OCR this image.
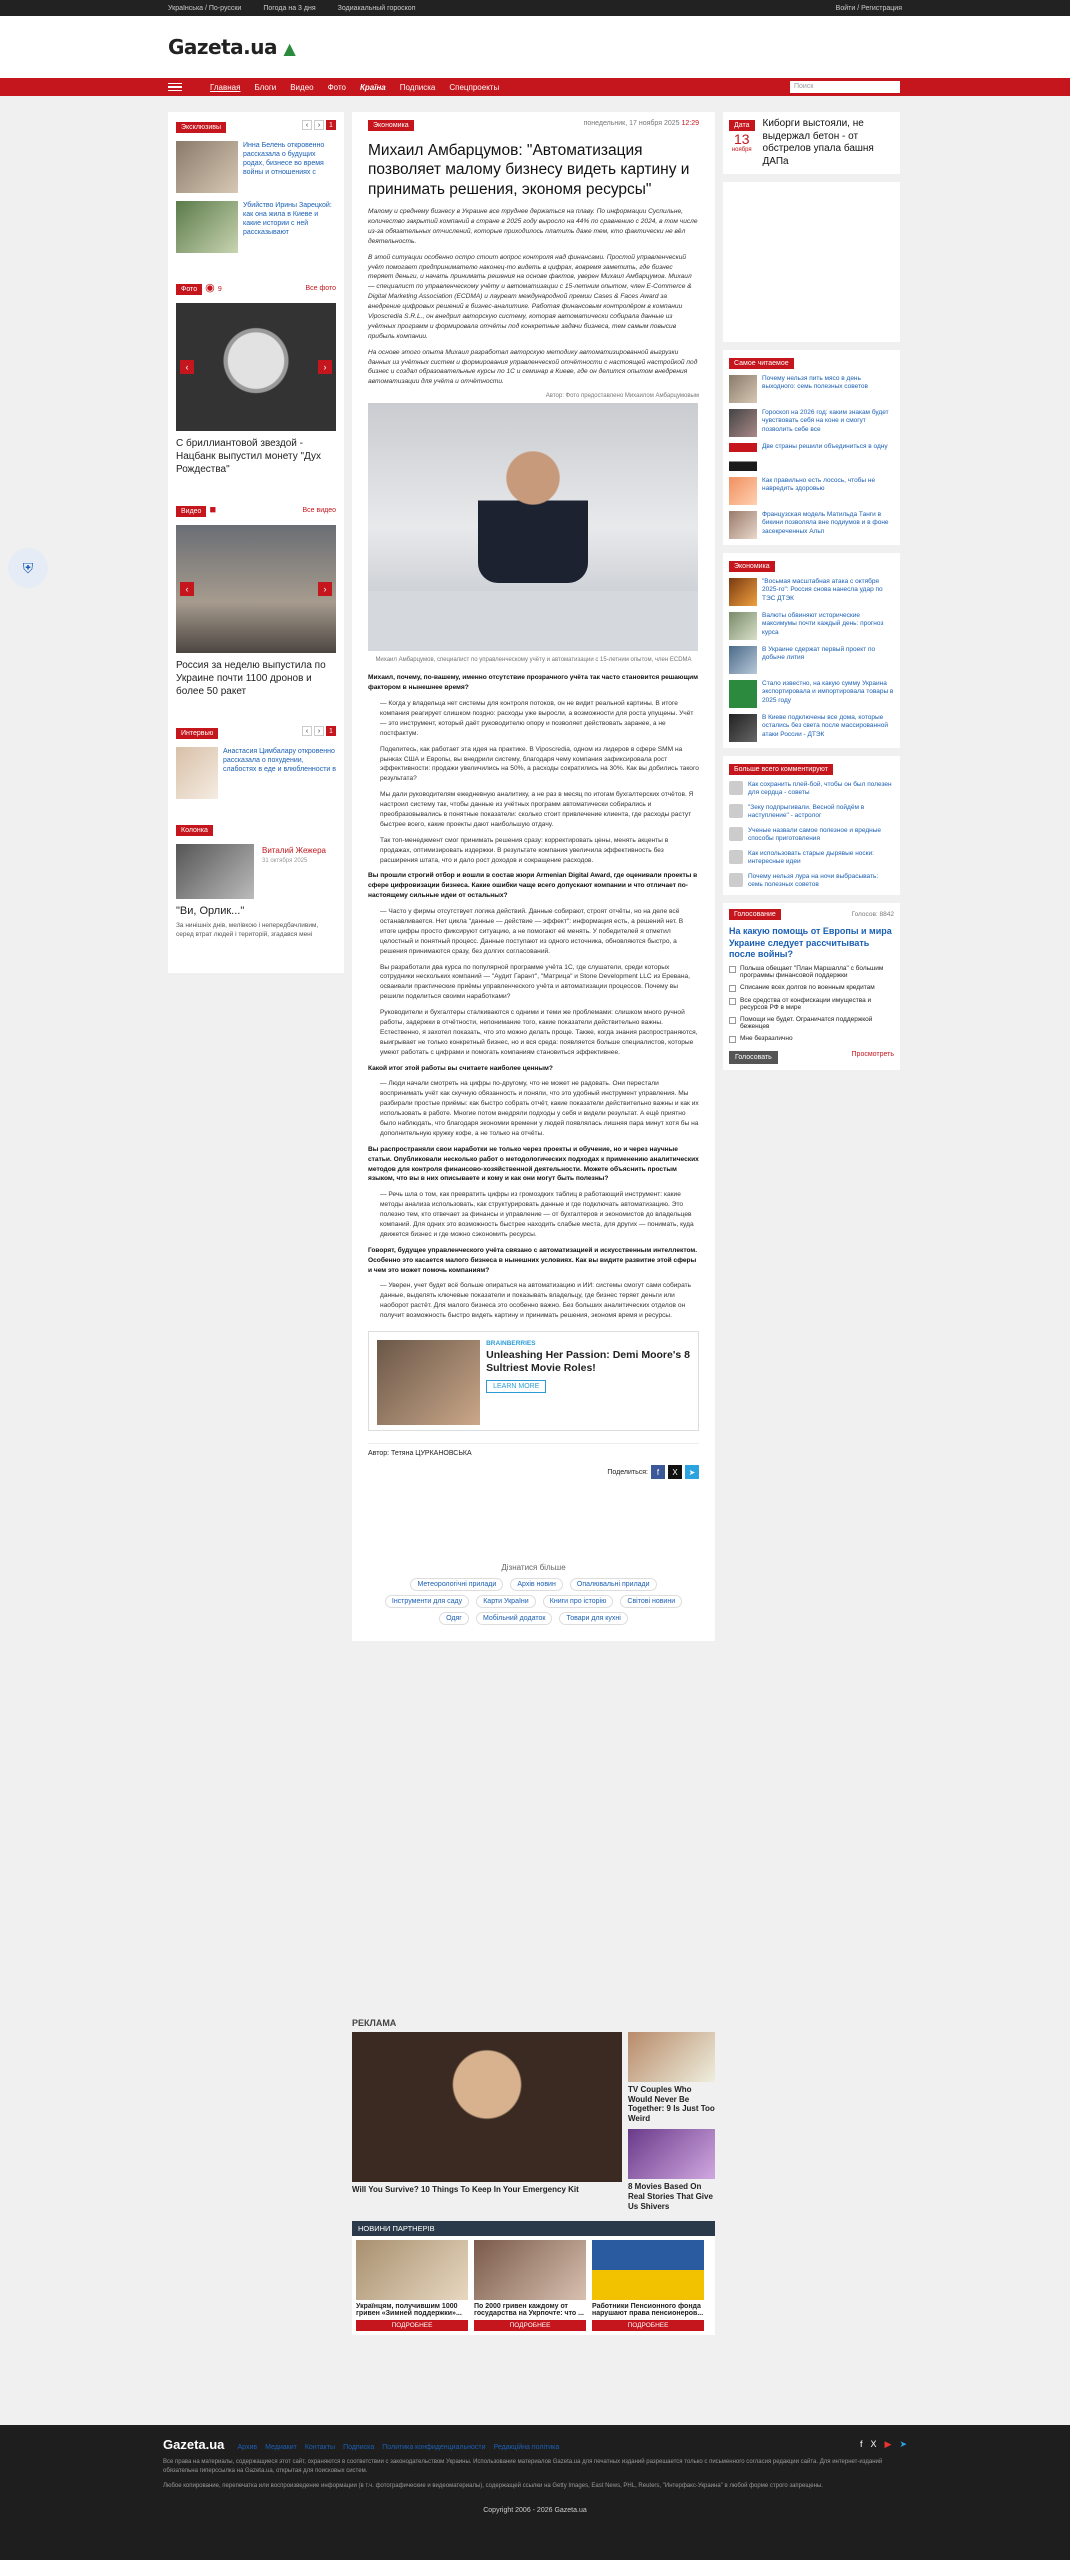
Українська / По-русски	Погода на 3 дня	Зодиакальный гороскоп	Войти / Регистрация
Gazeta.ua ▲
Главная Блоги Видео Фото Країна Подписка Спецпроекты	Поиск
⛨
Эксклюзивы	‹	›	1
Инна Белень откровенно рассказала о будущих родах, бизнесе во время войны и отношениях с
Убийство Ирины Зарецкой: как она жила в Киеве и какие истории с ней рассказывают
Фото ◉ 9	Все фото
‹	›
С бриллиантовой звездой - Нацбанк выпустил монету "Дух Рождества"
Видео ■	Все видео
‹	›
Россия за неделю выпустила по Украине почти 1100 дронов и более 50 ракет
Интервью	‹	›	1
Анастасия Цимбалару откровенно рассказала о похудении, слабостях в еде и влюбленности в
Колонка
Виталий Жежера
31 октября 2025
"Ви, Орлик..."
За нинішніх днів, мелівкою і непередбачливим, серед втрат людей і територій, згадався мені
Экономика	понедельник, 17 ноября 2025 12:29
Михаил Амбарцумов: "Автоматизация позволяет малому бизнесу видеть картину и принимать решения, экономя ресурсы"

Малому и среднему бизнесу в Украине все труднее держаться на плаву. По информации Суспильне, количество закрытий компаний в стране в 2025 году выросло на 44% по сравнению с 2024, в том числе из-за обязательных отчислений, которые приходилось платить даже тем, кто фактически не вёл деятельность.

В этой ситуации особенно остро стоит вопрос контроля над финансами. Простой управленческий учёт помогает предпринимателю наконец-то видеть в цифрах, вовремя заметить, где бизнес теряет деньги, и начать принимать решения на основе фактов, уверен Михаил Амбарцумов. Михаил — специалист по управленческому учёту и автоматизации с 15-летним опытом, член E-Commerce & Digital Marketing Association (ECDMA) и лауреат международной премии Cases & Faces Award за внедрение цифровых решений в бизнес-аналитике. Работая финансовым контролёром в компании Viposcredia S.R.L., он внедрил авторскую систему, которая автоматически собирала данные из учётных программ и формировала отчёты под конкретные задачи бизнеса, тем самым повысив прибыль компании.

На основе этого опыта Михаил разработал авторскую методику автоматизированной выгрузки данных из учётных систем и формирования управленческой отчётности с настоящей настройкой под бизнес и создал образовательные курсы по 1С и семинар в Киеве, где он делится опытом внедрения автоматизации для учёта и отчётности.

Автор: Фото предоставлено Михаилом Амбарцумовым
Михаил Амбарцумов, специалист по управленческому учёту и автоматизации с 15-летним опытом, член ECDMA

Михаил, почему, по-вашему, именно отсутствие прозрачного учёта так часто становится решающим фактором в нынешнее время?

— Когда у владельца нет системы для контроля потоков, он не видит реальной картины. В итоге компания реагирует слишком поздно: расходы уже выросли, а возможности для роста упущены. Учёт — это инструмент, который даёт руководителю опору и позволяет действовать заранее, а не постфактум.

Поделитесь, как работает эта идея на практике. В Viposcredia, одном из лидеров в сфере SMM на рынках США и Европы, вы внедрили систему, благодаря чему компания зафиксировала рост эффективности: продажи увеличились на 50%, а расходы сократились на 30%. Как вы добились такого результата?

Мы дали руководителям ежедневную аналитику, а не раз в месяц по итогам бухгалтерских отчётов. Я настроил систему так, чтобы данные из учётных программ автоматически собирались и преобразовывались в понятные показатели: сколько стоит привлечение клиента, где расходы растут быстрее всего, какие проекты дают наибольшую отдачу.

Так топ-менеджмент смог принимать решения сразу: корректировать цены, менять акценты в продажах, оптимизировать издержки. В результате компания увеличила эффективность без расширения штата, что и дало рост доходов и сокращение расходов.

Вы прошли строгий отбор и вошли в состав жюри Armenian Digital Award, где оценивали проекты в сфере цифровизации бизнеса. Какие ошибки чаще всего допускают компании и что отличает по-настоящему сильные идеи от остальных?

— Часто у фирмы отсутствует логика действий. Данные собирают, строят отчёты, но на деле всё останавливается. Нет цикла "данные — действие — эффект": информация есть, а решений нет. В итоге цифры просто фиксируют ситуацию, а не помогают её менять. У победителей я отметил целостный и понятный процесс. Данные поступают из одного источника, обновляются быстро, а решения принимаются сразу, без долгих согласований.

Вы разработали два курса по популярной программе учёта 1С, где слушатели, среди которых сотрудники нескольких компаний — "Аудит Гарант", "Матрица" и Stone Development LLC из Еревана, осваивали практические приёмы управленческого учёта и автоматизации процессов. Почему вы решили поделиться своими наработками?

Руководители и бухгалтеры сталкиваются с одними и теми же проблемами: слишком много ручной работы, задержки в отчётности, непонимание того, какие показатели действительно важны. Естественно, я захотел показать, что это можно делать проще. Также, когда знания распространяются, выигрывает не только конкретный бизнес, но и вся среда: появляется больше специалистов, которые умеют работать с цифрами и помогать компаниям становиться эффективнее.

Какой итог этой работы вы считаете наиболее ценным?

— Люди начали смотреть на цифры по-другому, что не может не радовать. Они перестали воспринимать учёт как скучную обязанность и поняли, что это удобный инструмент управления. Мы разбирали простые приёмы: как быстро собрать отчёт, какие показатели действительно важны и как их использовать в работе. Многие потом внедряли подходы у себя и видели результат. А ещё приятно было наблюдать, что благодаря экономии времени у людей появлялась лишняя пара минут хотя бы на дополнительную кружку кофе, а не только на отчёты.

Вы распространяли свои наработки не только через проекты и обучение, но и через научные статьи. Опубликовали несколько работ о методологических подходах к применению аналитических методов для контроля финансово-хозяйственной деятельности. Можете объяснить простым языком, что вы в них описываете и кому и как они могут быть полезны?

— Речь шла о том, как превратить цифры из громоздких таблиц в работающий инструмент: какие методы анализа использовать, как структурировать данные и где подключать автоматизацию. Это полезно тем, кто отвечает за финансы и управление — от бухгалтеров и экономистов до владельцев компаний. Для одних это возможность быстрее находить слабые места, для других — понимать, куда движется бизнес и где можно сэкономить ресурсы.

Говорят, будущее управленческого учёта связано с автоматизацией и искусственным интеллектом. Особенно это касается малого бизнеса в нынешних условиях. Как вы видите развитие этой сферы и чем это может помочь компаниям?

— Уверен, учет будет всё больше опираться на автоматизацию и ИИ: системы смогут сами собирать данные, выделять ключевые показатели и показывать владельцу, где бизнес теряет деньги или наоборот растёт. Для малого бизнеса это особенно важно. Без больших аналитических отделов он получит возможность быстро видеть картину и принимать решения, экономя время и ресурсы.

BRAINBERRIES
Unleashing Her Passion: Demi Moore's 8 Sultriest Movie Roles!
LEARN MORE
Автор: Тетяна ЦУРКАНОВСЬКА
Поделиться:	f	X	➤
Дізнатися більше
Метеорологічні прилади	Архів новин	Опалювальні прилади Інструменти для саду	Карти України	Книги про історію	Світові новини Одяг	Мобільний додаток	Товари для кухні
Дата
13
ноября
Киборги выстояли, не выдержал бетон - от обстрелов упала башня ДАПа
Самое читаемое
Почему нельзя пить мясо в день выходного: семь полезных советов
Гороскоп на 2026 год: каким знакам будет чувствовать себя на коне и смогут позволить себе все
Две страны решили объединиться в одну
Как правильно есть лосось, чтобы не навредить здоровью
Французская модель Матильда Танги в бикини позволяла вне подиумов и в фоне засекреченных Альп
Экономика
"Восьмая масштабная атака с октября 2025-го": Россия снова нанесла удар по ТЭС ДТЭК
Валюты обвиняют исторические максимумы почти каждый день: прогноз курса
В Украине сдержат первый проект по добыче лития
Стало известно, на какую сумму Украина экспортировала и импортировала товары в 2025 году
В Киеве подключены все дома, которые остались без света после массированной атаки России - ДТЭК
Больше всего комментируют
Как сохранить плей-бой, чтобы он был полезен для сердца - советы
"Зеку подпрыгивали. Весной пойдём в наступление" - астролог
Ученые назвали самое полезное и вредные способы приготовления
Как использовать старые дырявые носки: интересные идеи
Почему нельзя лура на ночи выбрасывать: семь полезных советов
Голосование	Голосов: 8842
На какую помощь от Европы и мира Украине следует рассчитывать после войны?
Польша обещает "План Маршалла" с большим программы финансовой поддержки
Списание всех долгов по военным кредитам
Все средства от конфискации имущества и ресурсов РФ в мире
Помощи не будет. Ограничатся поддержкой беженцев
Мне безразлично
Голосовать	Просмотреть
РЕКЛАМА
Will You Survive? 10 Things To Keep In Your Emergency Kit
TV Couples Who Would Never Be Together: 9 Is Just Too Weird
8 Movies Based On Real Stories That Give Us Shivers
НОВИНИ ПАРТНЕРІВ
Українцям, получившим 1000 гривен «Зимней поддержки»...
ПОДРОБНЕЕ
По 2000 гривен каждому от государства на Укрпочте: что ...
ПОДРОБНЕЕ
Работники Пенсионного фонда нарушают права пенсионеров...
ПОДРОБНЕЕ
Gazeta.ua Архив Медиакит Контакты Подписка Политика конфиденциальности Редакційна політика	f X ▶ ➤

Все права на материалы, содержащиеся этот сайт, охраняются в соответствии с законодательством Украины. Использование материалов Gazeta.ua для печатных изданий разрешается только с письменного согласия редакции сайта. Для интернет-изданий обязательна гиперссылка на Gazeta.ua, открытая для поисковых систем.

Любое копирование, перепечатка или воспроизведение информации (в т.ч. фотографические и видеоматериалы), содержащей ссылки на Getty Images, East News, PHL, Reuters, "Интерфакс-Украина" в любой форме строго запрещены.

Copyright 2006 - 2026 Gazeta.ua
